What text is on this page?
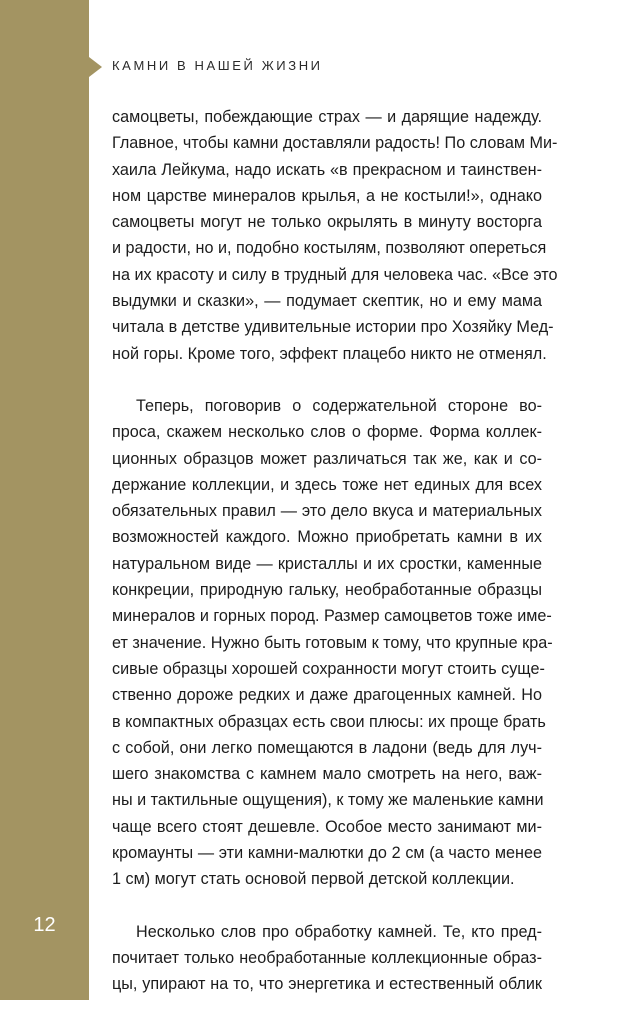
КАМНИ В НАШЕЙ ЖИЗНИ
12
самоцветы, побеждающие страх — и дарящие надежду.
Главное, чтобы камни доставляли радость! По словам Ми-
хаила Лейкума, надо искать «в прекрасном и таинствен-
ном царстве минералов крылья, а не костыли!», однако
самоцветы могут не только окрылять в минуту восторга
и радости, но и, подобно костылям, позволяют опереться
на их красоту и силу в трудный для человека час. «Все это
выдумки и сказки», — подумает скептик, но и ему мама
читала в детстве удивительные истории про Хозяйку Мед-
ной горы. Кроме того, эффект плацебо никто не отменял.
Теперь, поговорив о содержательной стороне во-
проса, скажем несколько слов о форме. Форма коллек-
ционных образцов может различаться так же, как и со-
держание коллекции, и здесь тоже нет единых для всех
обязательных правил — это дело вкуса и материальных
возможностей каждого. Можно приобретать камни в их
натуральном виде — кристаллы и их сростки, каменные
конкреции, природную гальку, необработанные образцы
минералов и горных пород. Размер самоцветов тоже име-
ет значение. Нужно быть готовым к тому, что крупные кра-
сивые образцы хорошей сохранности могут стоить суще-
ственно дороже редких и даже драгоценных камней. Но
в компактных образцах есть свои плюсы: их проще брать
с собой, они легко помещаются в ладони (ведь для луч-
шего знакомства с камнем мало смотреть на него, важ-
ны и тактильные ощущения), к тому же маленькие камни
чаще всего стоят дешевле. Особое место занимают ми-
кромаунты — эти камни-малютки до 2 см (а часто менее
1 см) могут стать основой первой детской коллекции.
Несколько слов про обработку камней. Те, кто пред-
почитает только необработанные коллекционные образ-
цы, упирают на то, что энергетика и естественный облик
